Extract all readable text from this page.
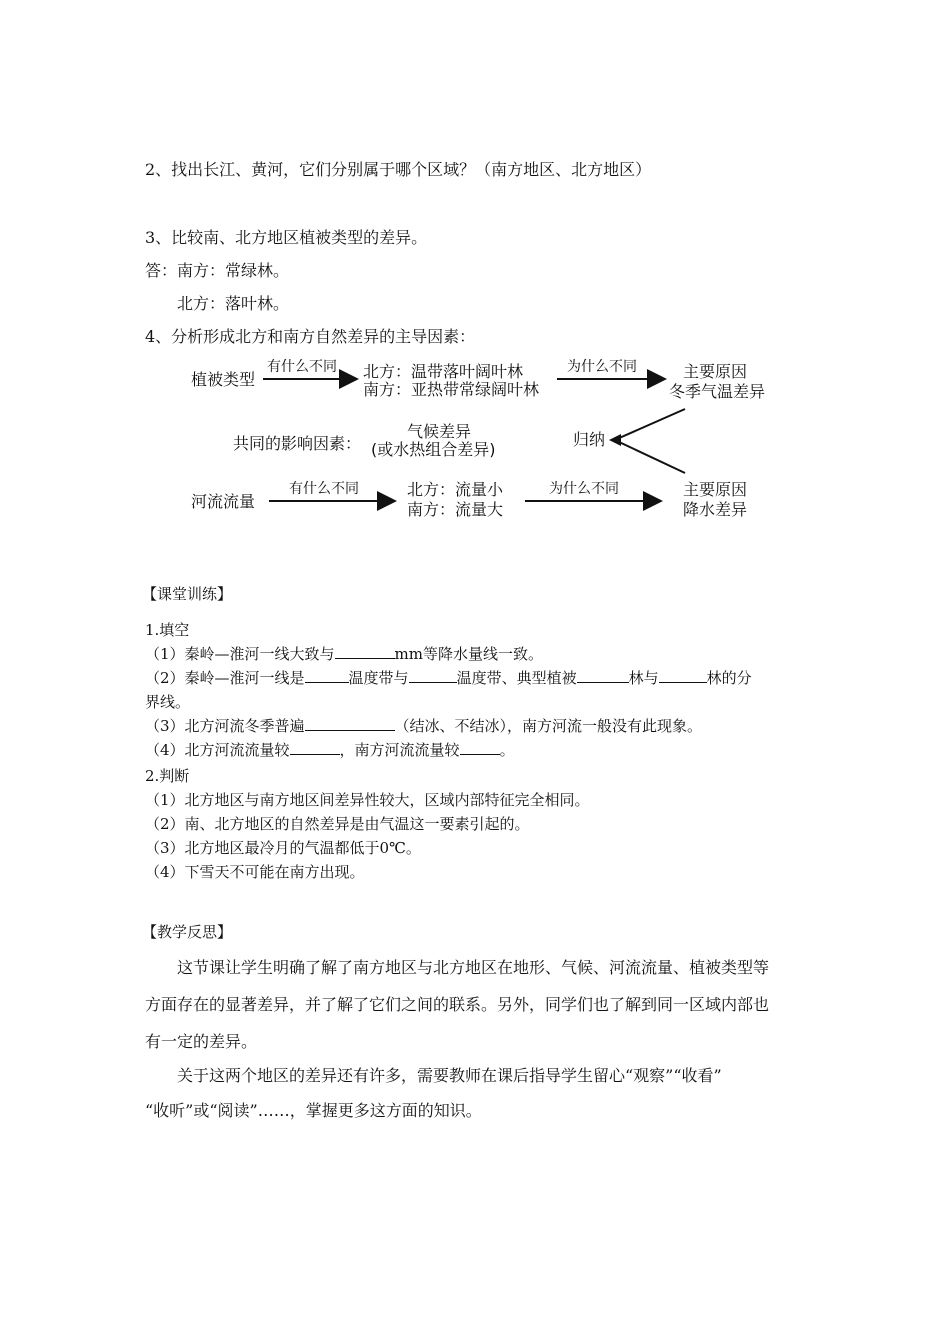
2、找出长江、黄河，它们分别属于哪个区域？（南方地区、北方地区）
3、比较南、北方地区植被类型的差异。
答：南方：常绿林。
北方：落叶林。
4、分析形成北方和南方自然差异的主导因素：
植被类型
有什么不同 北方：温带落叶阔叶林
南方：亚热带常绿阔叶林
为什么不同	主要原因
冬季气温差异
共同的影响因素：
气候差异
(或水热组合差异)
归纳
河流流量
有什么不同	北方：流量小
南方：流量大
为什么不同	主要原因
降水差异
【课堂训练】
1.填空
（1）秦岭—淮河一线大致与	mm等降水量线一致。
（2）秦岭—淮河一线是	温度带与	温度带、典型植被	林与	林的分
界线。
（3）北方河流冬季普遍	（结冰、不结冰），南方河流一般没有此现象。
（4）北方河流流量较	，南方河流流量较	。
2.判断
（1）北方地区与南方地区间差异性较大，区域内部特征完全相同。
（2）南、北方地区的自然差异是由气温这一要素引起的。
（3）北方地区最冷月的气温都低于0℃。
（4）下雪天不可能在南方出现。
【教学反思】
这节课让学生明确了解了南方地区与北方地区在地形、气候、河流流量、植被类型等
方面存在的显著差异，并了解了它们之间的联系。另外，同学们也了解到同一区域内部也
有一定的差异。
关于这两个地区的差异还有许多，需要教师在课后指导学生留心“观察”“收看”
“收听”或“阅读”……，掌握更多这方面的知识。
